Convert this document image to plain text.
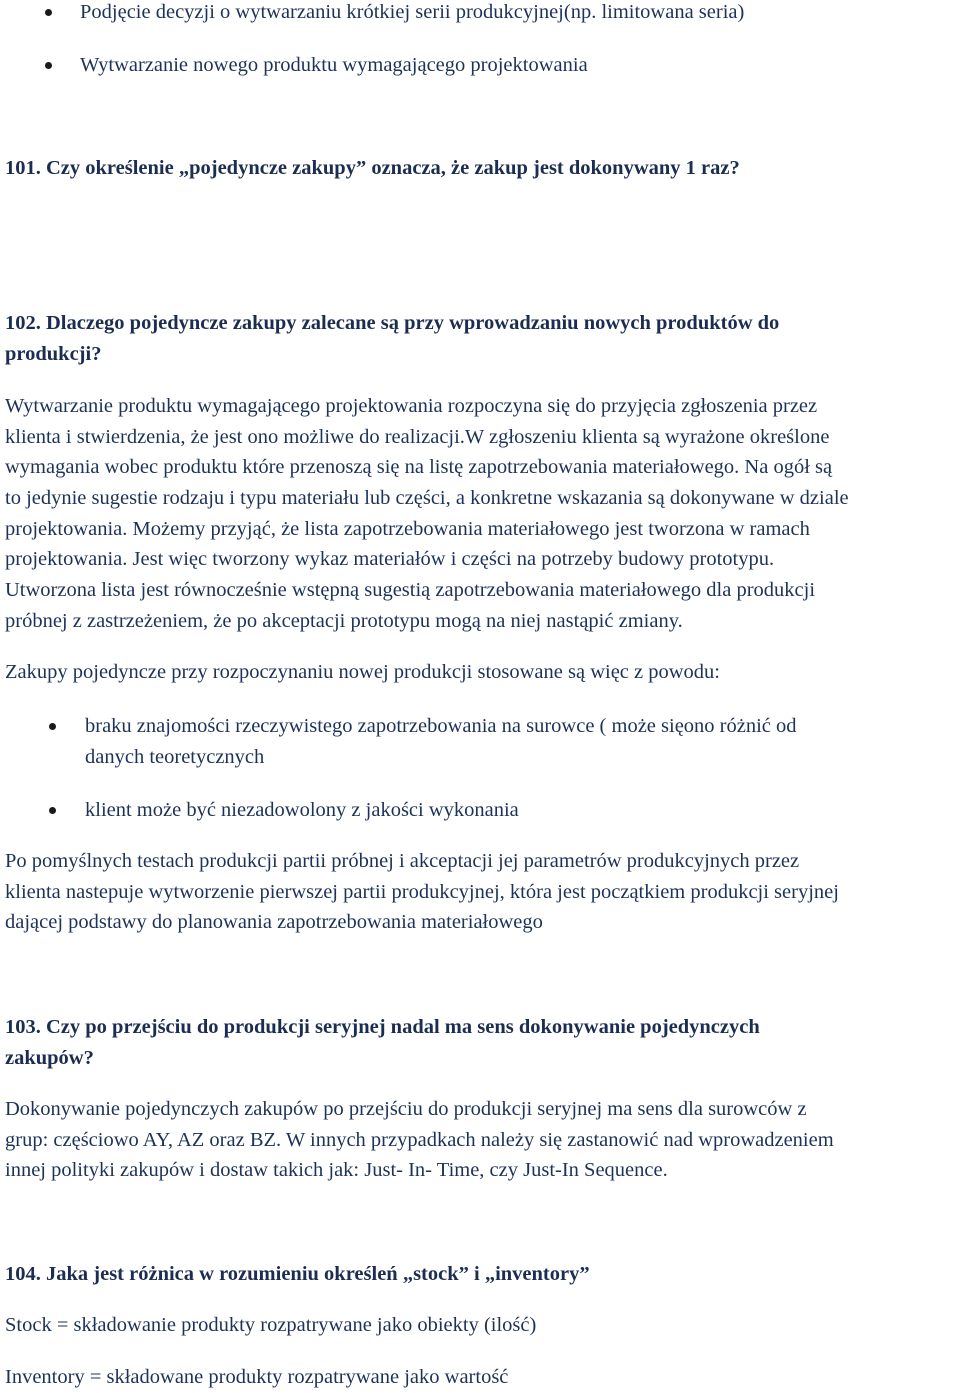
Podjęcie decyzji o wytwarzaniu krótkiej serii produkcyjnej(np. limitowana seria)
Wytwarzanie nowego produktu wymagającego projektowania
101. Czy określenie „pojedyncze zakupy” oznacza, że zakup jest dokonywany 1 raz?
102. Dlaczego pojedyncze zakupy zalecane są przy wprowadzaniu nowych produktów do
produkcji?
Wytwarzanie produktu wymagającego projektowania rozpoczyna się do przyjęcia zgłoszenia przez
klienta i stwierdzenia, że jest ono możliwe do realizacji.W zgłoszeniu klienta są wyrażone określone
wymagania wobec produktu które przenoszą się na listę zapotrzebowania materiałowego. Na ogół są
to jedynie sugestie rodzaju i typu materiału lub części, a konkretne wskazania są dokonywane w dziale
projektowania. Możemy przyjąć, że lista zapotrzebowania materiałowego jest tworzona w ramach
projektowania. Jest więc tworzony wykaz materiałów i części na potrzeby budowy prototypu.
Utworzona lista jest równocześnie wstępną sugestią zapotrzebowania materiałowego dla produkcji
próbnej z zastrzeżeniem, że po akceptacji prototypu mogą na niej nastąpić zmiany.
Zakupy pojedyncze przy rozpoczynaniu nowej produkcji stosowane są więc z powodu:
braku znajomości rzeczywistego zapotrzebowania na surowce ( może sięono różnić od
danych teoretycznych
klient może być niezadowolony z jakości wykonania
Po pomyślnych testach produkcji partii próbnej i akceptacji jej parametrów produkcyjnych przez
klienta nastepuje wytworzenie pierwszej partii produkcyjnej, która jest początkiem produkcji seryjnej
dającej podstawy do planowania zapotrzebowania materiałowego
103. Czy po przejściu do produkcji seryjnej nadal ma sens dokonywanie pojedynczych
zakupów?
Dokonywanie pojedynczych zakupów po przejściu do produkcji seryjnej ma sens dla surowców z
grup: częściowo AY, AZ oraz BZ. W innych przypadkach należy się zastanowić nad wprowadzeniem
innej polityki zakupów i dostaw takich jak: Just- In- Time, czy Just-In Sequence.
104. Jaka jest różnica w rozumieniu określeń „stock” i „inventory”
Stock = składowanie produkty rozpatrywane jako obiekty (ilość)
Inventory = składowane produkty rozpatrywane jako wartość
